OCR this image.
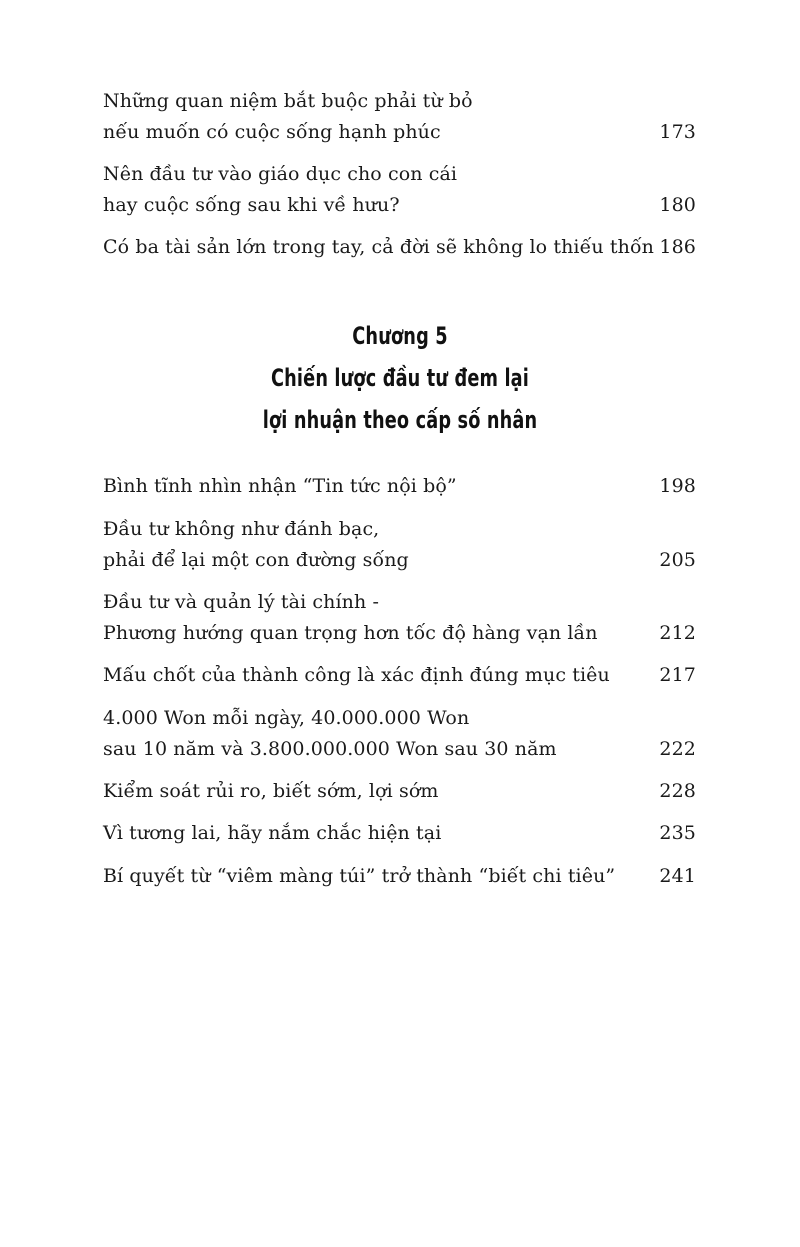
Những quan niệm bắt buộc phải từ bỏ
nếu muốn có cuộc sống hạnh phúc	173
Nên đầu tư vào giáo dục cho con cái
hay cuộc sống sau khi về hưu?	180
Có ba tài sản lớn trong tay, cả đời sẽ không lo thiếu thốn 186
Chương 5
Chiến lược đầu tư đem lại
lợi nhuận theo cấp số nhân
Bình tĩnh nhìn nhận “Tin tức nội bộ”	198
Đầu tư không như đánh bạc,
phải để lại một con đường sống	205
Đầu tư và quản lý tài chính -
Phương hướng quan trọng hơn tốc độ hàng vạn lần	212
Mấu chốt của thành công là xác định đúng mục tiêu	217
4.000 Won mỗi ngày, 40.000.000 Won
sau 10 năm và 3.800.000.000 Won sau 30 năm	222
Kiểm soát rủi ro, biết sớm, lợi sớm	228
Vì tương lai, hãy nắm chắc hiện tại	235
Bí quyết từ “viêm màng túi” trở thành “biết chi tiêu”	241
